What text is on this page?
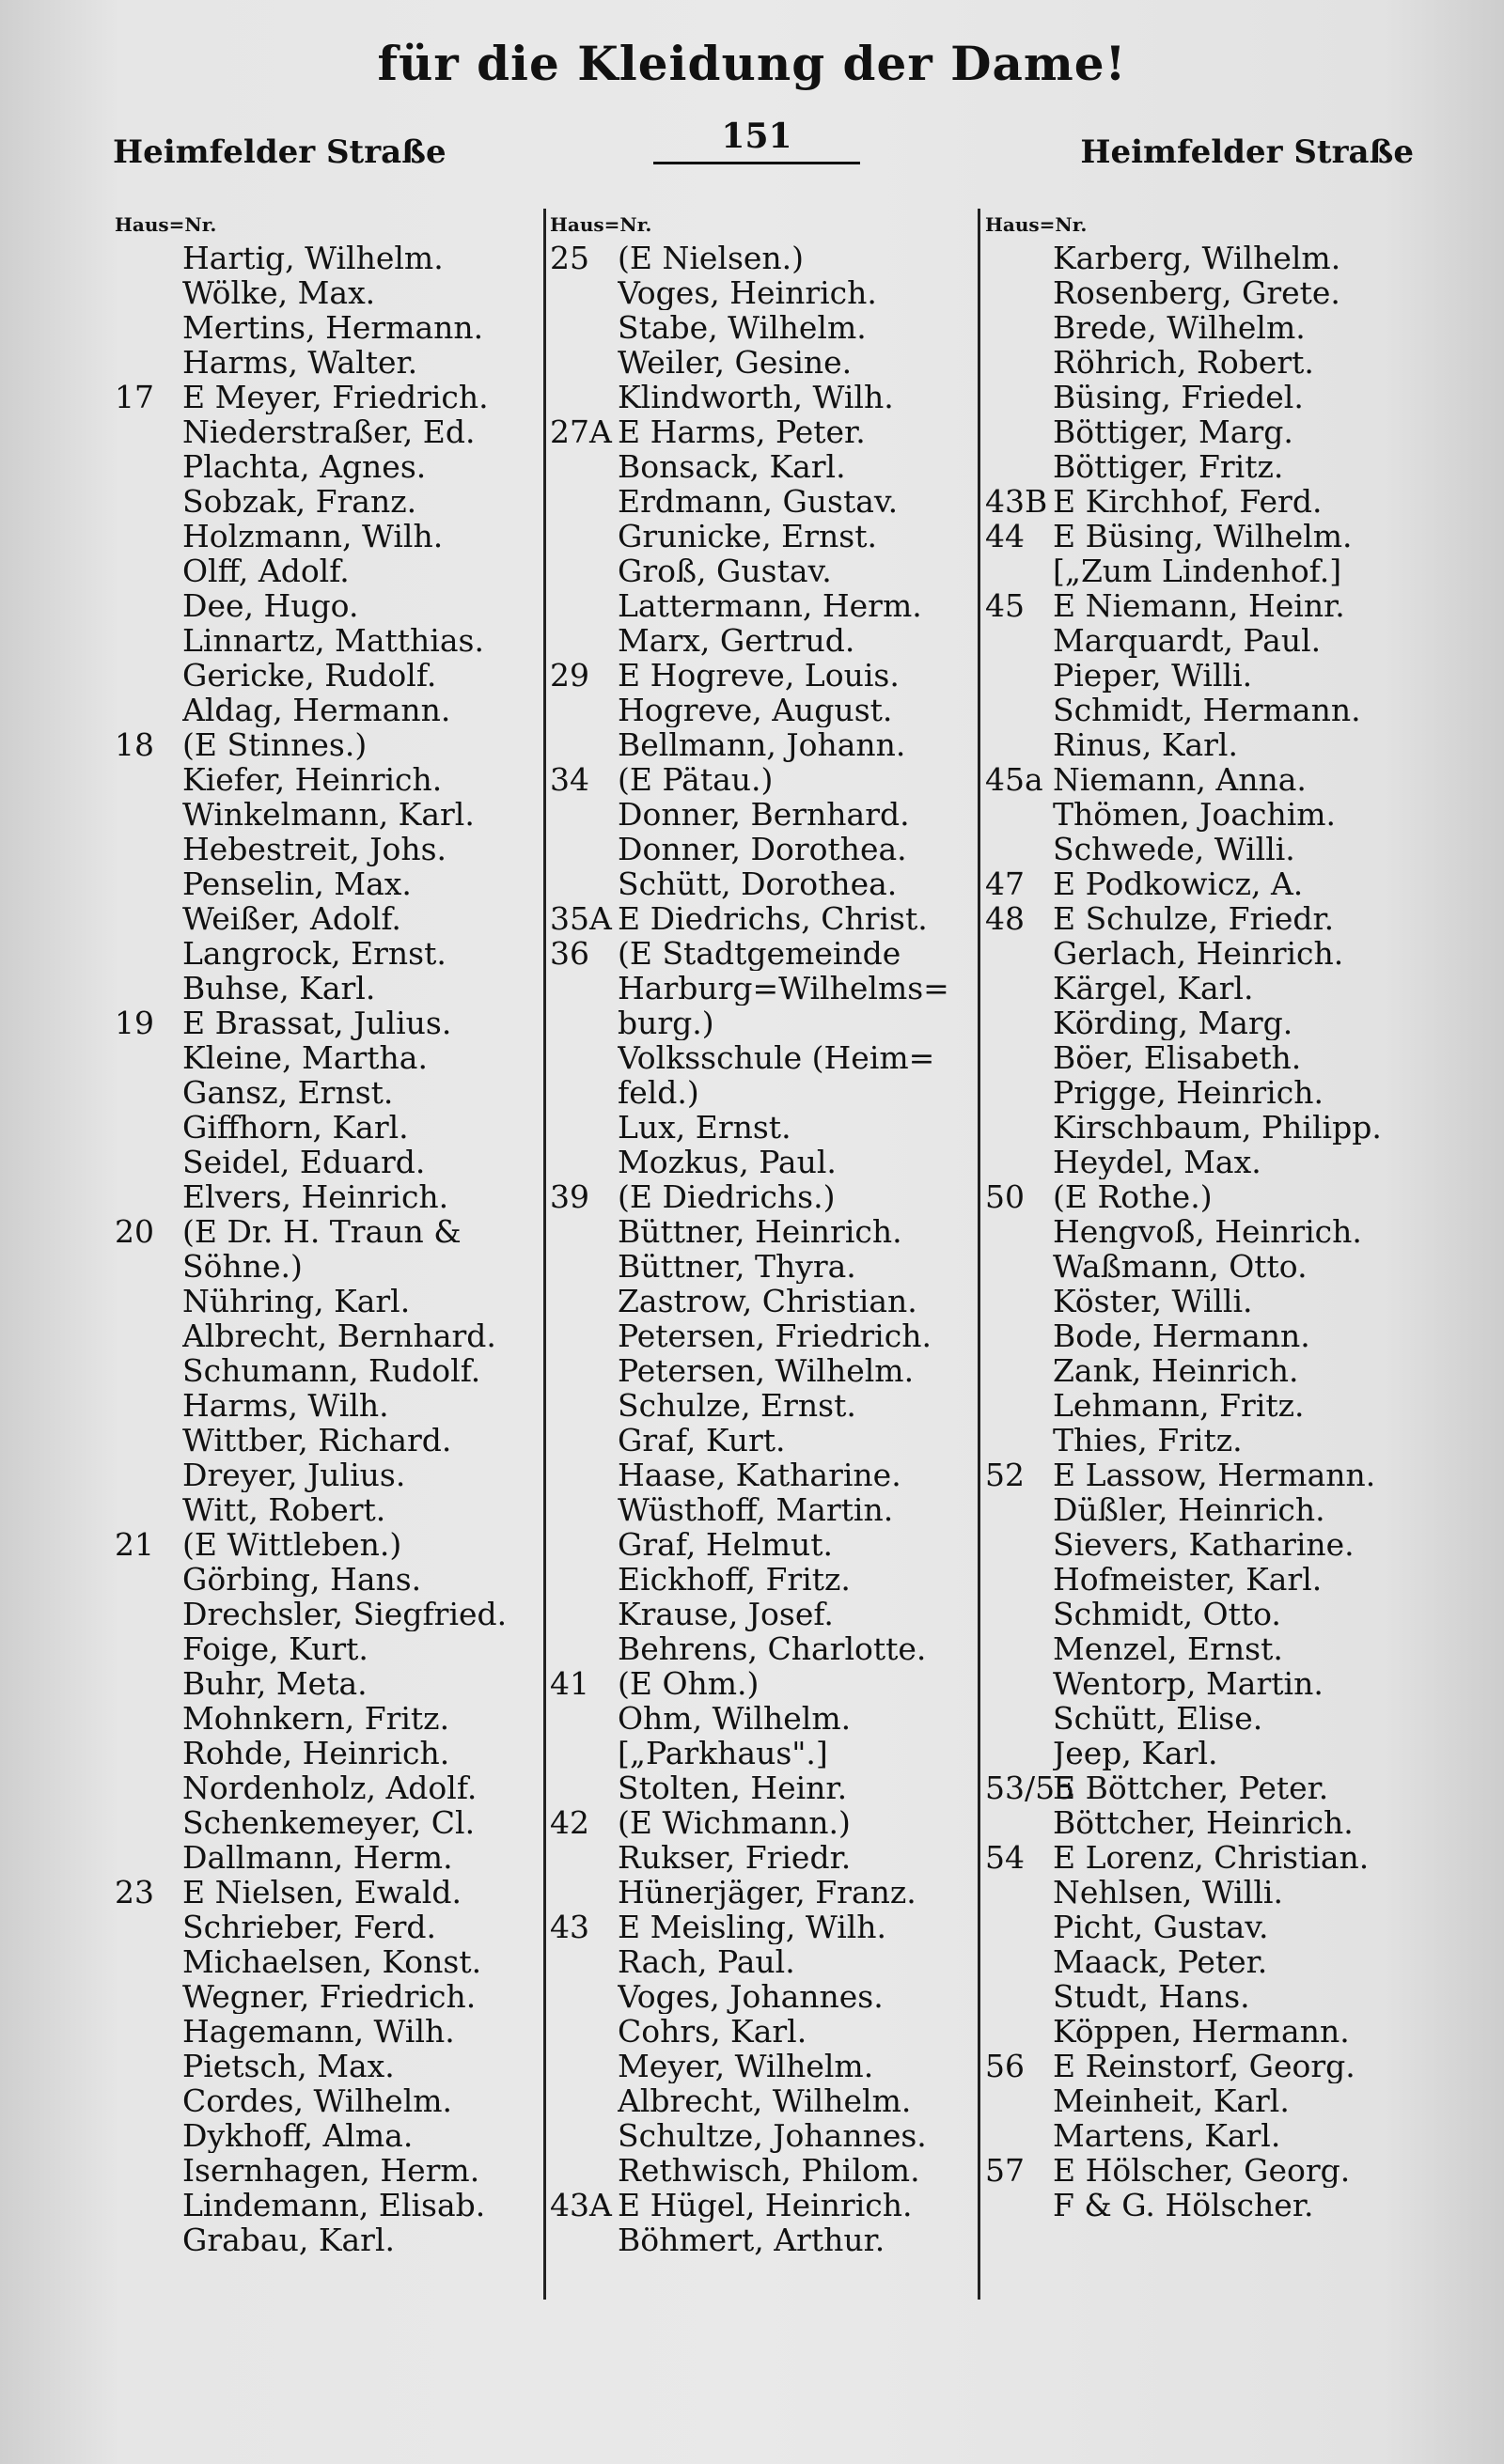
für die Kleidung der Dame!
Heimfelder Straße	151	Heimfelder Straße
Haus=Nr.
Hartig, Wilhelm.
Wölke, Max.
Mertins, Hermann.
Harms, Walter.
17 E Meyer, Friedrich.
Niederstraßer, Ed.
Plachta, Agnes.
Sobzak, Franz.
Holzmann, Wilh.
Olff, Adolf.
Dee, Hugo.
Linnartz, Matthias.
Gericke, Rudolf.
Aldag, Hermann.
18 (E Stinnes.)
Kiefer, Heinrich.
Winkelmann, Karl.
Hebestreit, Johs.
Penselin, Max.
Weißer, Adolf.
Langrock, Ernst.
Buhse, Karl.
19 E Brassat, Julius.
Kleine, Martha.
Gansz, Ernst.
Giffhorn, Karl.
Seidel, Eduard.
Elvers, Heinrich.
20 (E Dr. H. Traun &
Söhne.)
Nühring, Karl.
Albrecht, Bernhard.
Schumann, Rudolf.
Harms, Wilh.
Wittber, Richard.
Dreyer, Julius.
Witt, Robert.
21 (E Wittleben.)
Görbing, Hans.
Drechsler, Siegfried.
Foige, Kurt.
Buhr, Meta.
Mohnkern, Fritz.
Rohde, Heinrich.
Nordenholz, Adolf.
Schenkemeyer, Cl.
Dallmann, Herm.
23 E Nielsen, Ewald.
Schrieber, Ferd.
Michaelsen, Konst.
Wegner, Friedrich.
Hagemann, Wilh.
Pietsch, Max.
Cordes, Wilhelm.
Dykhoff, Alma.
Isernhagen, Herm.
Lindemann, Elisab.
Grabau, Karl.
Haus=Nr.
25 (E Nielsen.)
Voges, Heinrich.
Stabe, Wilhelm.
Weiler, Gesine.
Klindworth, Wilh.
27A E Harms, Peter.
Bonsack, Karl.
Erdmann, Gustav.
Grunicke, Ernst.
Groß, Gustav.
Lattermann, Herm.
Marx, Gertrud.
29 E Hogreve, Louis.
Hogreve, August.
Bellmann, Johann.
34 (E Pätau.)
Donner, Bernhard.
Donner, Dorothea.
Schütt, Dorothea.
35A E Diedrichs, Christ.
36 (E Stadtgemeinde
Harburg=Wilhelms=
burg.)
Volksschule (Heim=
feld.)
Lux, Ernst.
Mozkus, Paul.
39 (E Diedrichs.)
Büttner, Heinrich.
Büttner, Thyra.
Zastrow, Christian.
Petersen, Friedrich.
Petersen, Wilhelm.
Schulze, Ernst.
Graf, Kurt.
Haase, Katharine.
Wüsthoff, Martin.
Graf, Helmut.
Eickhoff, Fritz.
Krause, Josef.
Behrens, Charlotte.
41 (E Ohm.)
Ohm, Wilhelm.
[„Parkhaus".]
Stolten, Heinr.
42 (E Wichmann.)
Rukser, Friedr.
Hünerjäger, Franz.
43 E Meisling, Wilh.
Rach, Paul.
Voges, Johannes.
Cohrs, Karl.
Meyer, Wilhelm.
Albrecht, Wilhelm.
Schultze, Johannes.
Rethwisch, Philom.
43A E Hügel, Heinrich.
Böhmert, Arthur.
Haus=Nr.
Karberg, Wilhelm.
Rosenberg, Grete.
Brede, Wilhelm.
Röhrich, Robert.
Büsing, Friedel.
Böttiger, Marg.
Böttiger, Fritz.
43B E Kirchhof, Ferd.
44 E Büsing, Wilhelm.
[„Zum Lindenhof.]
45 E Niemann, Heinr.
Marquardt, Paul.
Pieper, Willi.
Schmidt, Hermann.
Rinus, Karl.
45a Niemann, Anna.
Thömen, Joachim.
Schwede, Willi.
47 E Podkowicz, A.
48 E Schulze, Friedr.
Gerlach, Heinrich.
Kärgel, Karl.
Körding, Marg.
Böer, Elisabeth.
Prigge, Heinrich.
Kirschbaum, Philipp.
Heydel, Max.
50 (E Rothe.)
Hengvoß, Heinrich.
Waßmann, Otto.
Köster, Willi.
Bode, Hermann.
Zank, Heinrich.
Lehmann, Fritz.
Thies, Fritz.
52 E Lassow, Hermann.
Düßler, Heinrich.
Sievers, Katharine.
Hofmeister, Karl.
Schmidt, Otto.
Menzel, Ernst.
Wentorp, Martin.
Schütt, Elise.
Jeep, Karl.
53/55
E Böttcher, Peter.
Böttcher, Heinrich.
54 E Lorenz, Christian.
Nehlsen, Willi.
Picht, Gustav.
Maack, Peter.
Studt, Hans.
Köppen, Hermann.
56 E Reinstorf, Georg.
Meinheit, Karl.
Martens, Karl.
57 E Hölscher, Georg.
F & G. Hölscher.
